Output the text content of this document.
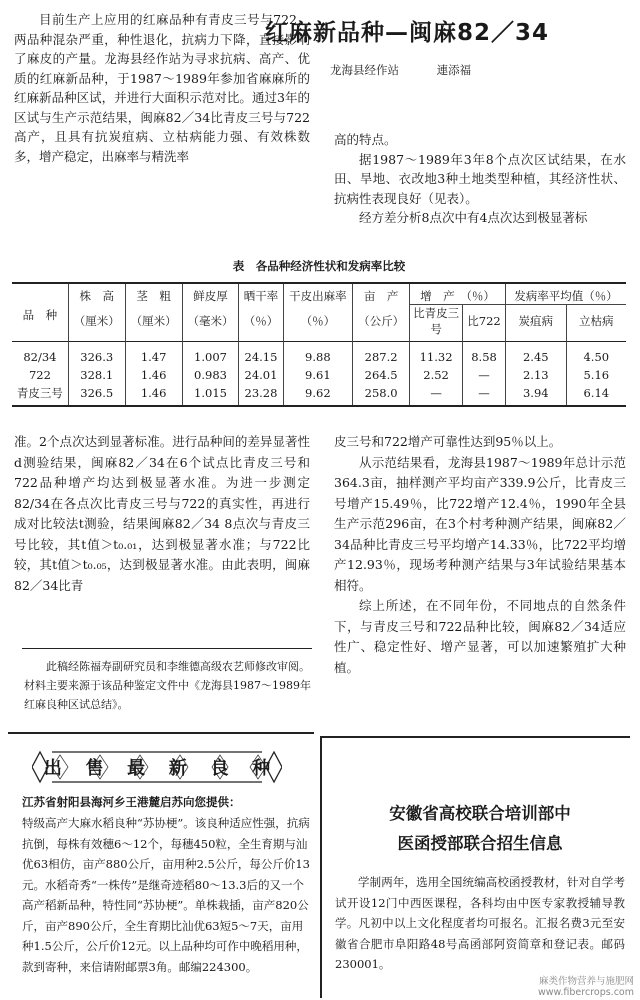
红麻新品种—闽麻82／34
龙海县经作站	連添福

目前生产上应用的红麻品种有青皮三号与722，两品种混杂严重，种性退化，抗病力下降，直接影响了麻皮的产量。龙海县经作站为寻求抗病、高产、优质的红麻新品种，于1987～1989年参加省麻麻所的红麻新品种区试，并进行大面积示范对比。通过3年的区试与生产示范结果，闽麻82／34比青皮三号与722高产，且具有抗炭疽病、立枯病能力强、有效株数多，增产稳定，出麻率与精洗率

高的特点。

据1987～1989年3年8个点次区试结果，在水田、旱地、衣改地3种土地类型种植，其经济性状、抗病性表现良好（见表）。

经方差分析8点次中有4点次达到极显著标

表　各品种经济性状和发病率比较
品　种	株　高	茎　粗	鲜皮厚	晒干率	干皮出麻率	亩　产	增　产　（％）		发病率平均值（％）	
	（厘米）	（厘米）	（毫米）	（％）	（％）	（公斤）	比青皮三号	比722	炭疽病	立枯病
82/34	326.3	1.47	1.007	24.15	9.88	287.2	11.32	8.58	2.45	4.50
722	328.1	1.46	0.983	24.01	9.61	264.5	2.52	—	2.13	5.16
青皮三号	326.5	1.46	1.015	23.28	9.62	258.0	—	—	3.94	6.14

准。2个点次达到显著标准。进行品种间的差异显著性d测验结果，闽麻82／34在6个试点比青皮三号和722品种增产均达到极显著水准。为进一步测定82/34在各点次比青皮三号与722的真实性，再进行成对比较法t测验，结果闽麻82／34 8点次与青皮三号比较，其t值＞t₀.₀₁，达到极显著水准；与722比较，其t值＞t₀.₀₅，达到极显著水准。由此表明，闽麻82／34比青

皮三号和722增产可靠性达到95％以上。

从示范结果看，龙海县1987～1989年总计示范364.3亩，抽样测产平均亩产339.9公斤，比青皮三号增产15.49％，比722增产12.4％，1990年全县生产示范296亩，在3个村考种测产结果，闽麻82／34品种比青皮三号平均增产14.33％，比722平均增产12.93％，现场考种测产结果与3年试验结果基本相符。

综上所述，在不同年份，不同地点的自然条件下，与青皮三号和722品种比较，闽麻82／34适应性广、稳定性好、增产显著，可以加速繁殖扩大种植。

此稿经陈福寿副研究员和李维德高级农艺师修改审阅。材料主要来源于该品种鉴定文件中《龙海县1987～1989年红麻良种区试总结》。
出 售 最 新 良 种
江苏省射阳县海河乡王港麓启苏向您提供：
特级高产大麻水稻良种“苏协梗”。该良种适应性强，抗病抗倒，每株有效穗6～12个，每穗450粒，全生育期与汕优63相仿，亩产880公斤，亩用种2.5公斤，每公斤价13元。水稻奇秀“一株传”是继奇迹稻80～13.3后的又一个高产稻新品种，特性同“苏协梗”。单株栽插，亩产820公斤，亩产890公斤，全生育期比汕优63短5～7天，亩用种1.5公斤，公斤价12元。以上品种均可作中晚稻用种，款到寄种，来信请附邮票3角。邮编224300。
安徽省高校联合培训部中
医函授部联合招生信息

学制两年，选用全国统编高校函授教材，针对自学考试开设12门中西医课程，各科均由中医专家教授辅导教学。凡初中以上文化程度者均可报名。汇报名费3元至安徽省合肥市阜阳路48号高函部阿资简章和登记表。邮码230001。

麻类作物营养与施肥网
www.fibercrops.com
